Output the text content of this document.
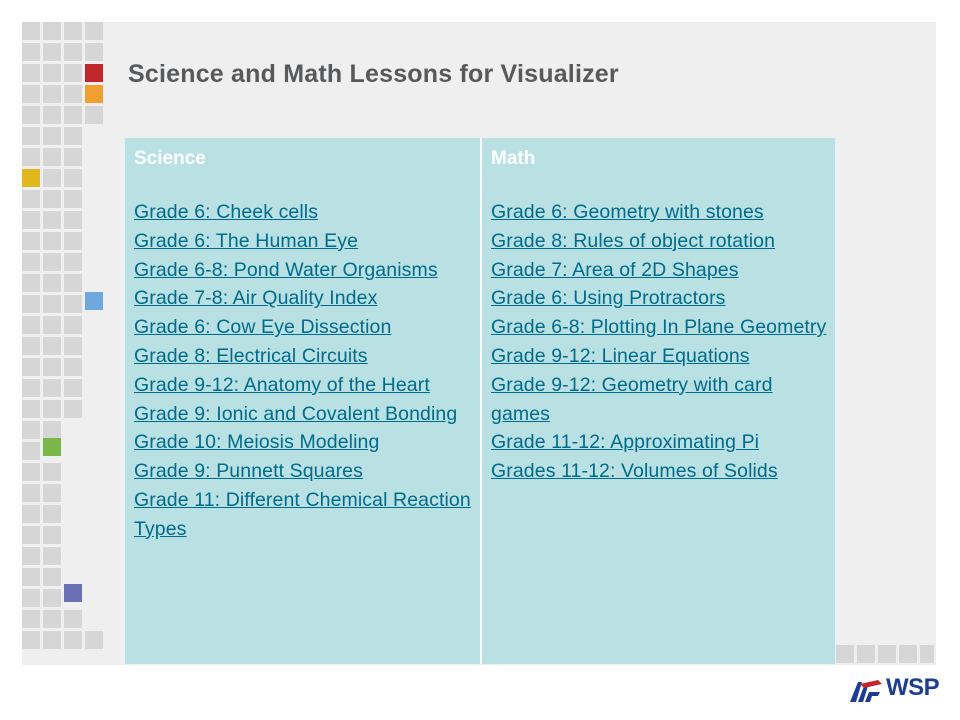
Science and Math Lessons for Visualizer

Science

Grade 6: Cheek cells
Grade 6: The Human Eye
Grade 6-8: Pond Water Organisms
Grade 7-8: Air Quality Index
Grade 6: Cow Eye Dissection
Grade 8: Electrical Circuits
Grade 9-12: Anatomy of the Heart
Grade 9: Ionic and Covalent Bonding
Grade 10: Meiosis Modeling
Grade 9: Punnett Squares
Grade 11: Different Chemical Reaction Types

Math

Grade 6: Geometry with stones
Grade 8: Rules of object rotation
Grade 7: Area of 2D Shapes
Grade 6: Using Protractors
Grade 6-8: Plotting In Plane Geometry
Grade 9-12: Linear Equations
Grade 9-12: Geometry with card games
Grade 11-12: Approximating Pi
Grades 11-12: Volumes of Solids
WSP
